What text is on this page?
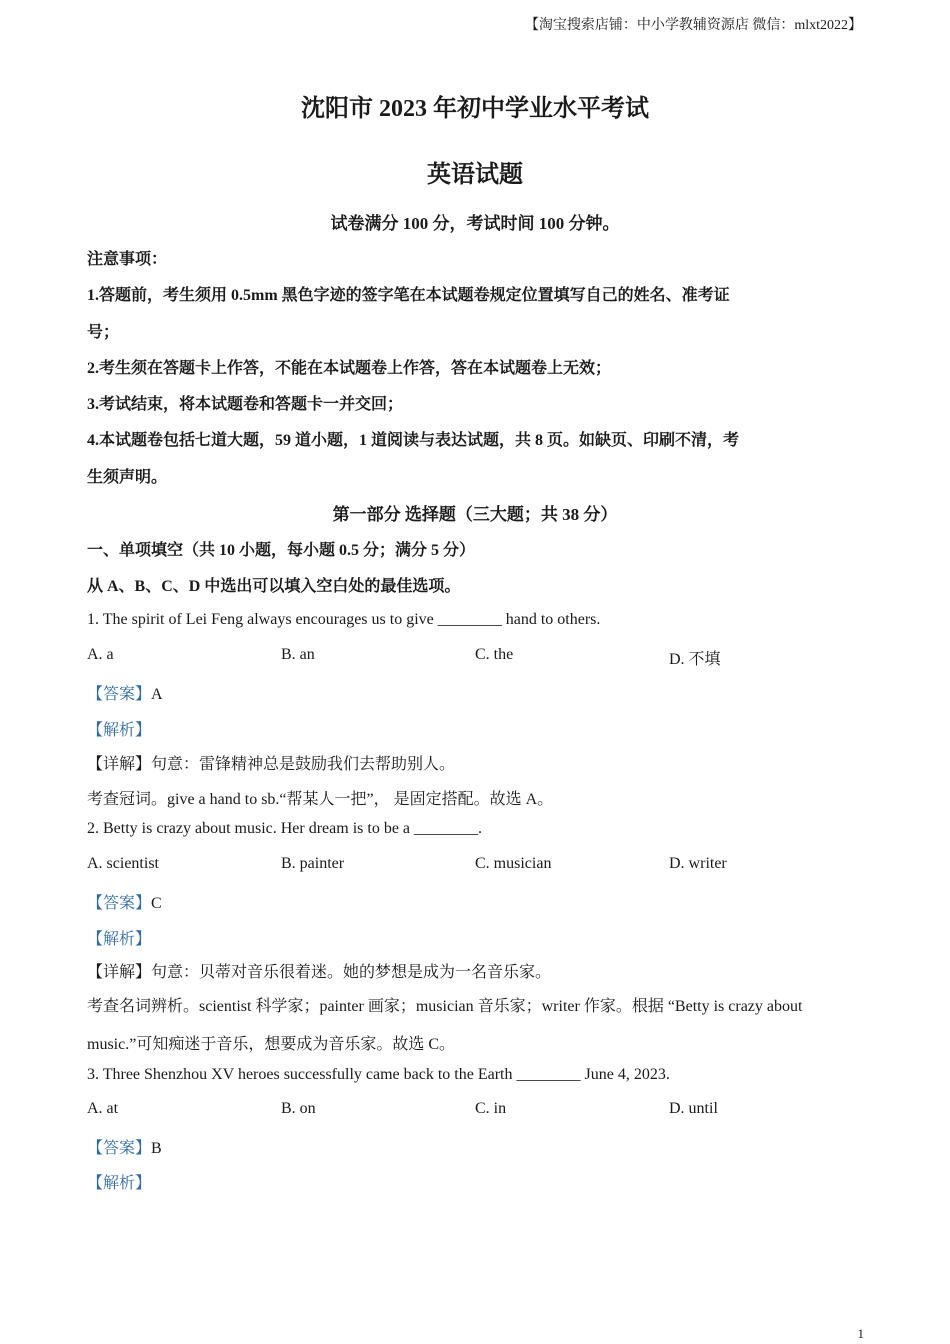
【淘宝搜索店铺：中小学教辅资源店 微信：mlxt2022】
沈阳市 2023 年初中学业水平考试
英语试题
试卷满分 100 分，考试时间 100 分钟。
注意事项：
1.答题前，考生须用 0.5mm 黑色字迹的签字笔在本试题卷规定位置填写自己的姓名、准考证
号；
2.考生须在答题卡上作答，不能在本试题卷上作答，答在本试题卷上无效；
3.考试结束，将本试题卷和答题卡一并交回；
4.本试题卷包括七道大题，59 道小题，1 道阅读与表达试题，共 8 页。如缺页、印刷不清，考
生须声明。
第一部分 选择题（三大题；共 38 分）
一、单项填空（共 10 小题，每小题 0.5 分；满分 5 分）
从 A、B、C、D 中选出可以填入空白处的最佳选项。
1. The spirit of Lei Feng always encourages us to give ________ hand to others.
A. a	B. an	C. the	D. 不填
【答案】A
【解析】
【详解】句意：雷锋精神总是鼓励我们去帮助别人。
考查冠词。give a hand to sb.“帮某人一把”， 是固定搭配。故选 A。
2. Betty is crazy about music. Her dream is to be a ________.
A. scientist	B. painter	C. musician	D. writer
【答案】C
【解析】
【详解】句意：贝蒂对音乐很着迷。她的梦想是成为一名音乐家。
考查名词辨析。scientist 科学家；painter 画家；musician 音乐家；writer 作家。根据 “Betty is crazy about
music.”可知痴迷于音乐，想要成为音乐家。故选 C。
3. Three Shenzhou XV heroes successfully came back to the Earth ________ June 4, 2023.
A. at	B. on	C. in	D. until
【答案】B
【解析】
1
